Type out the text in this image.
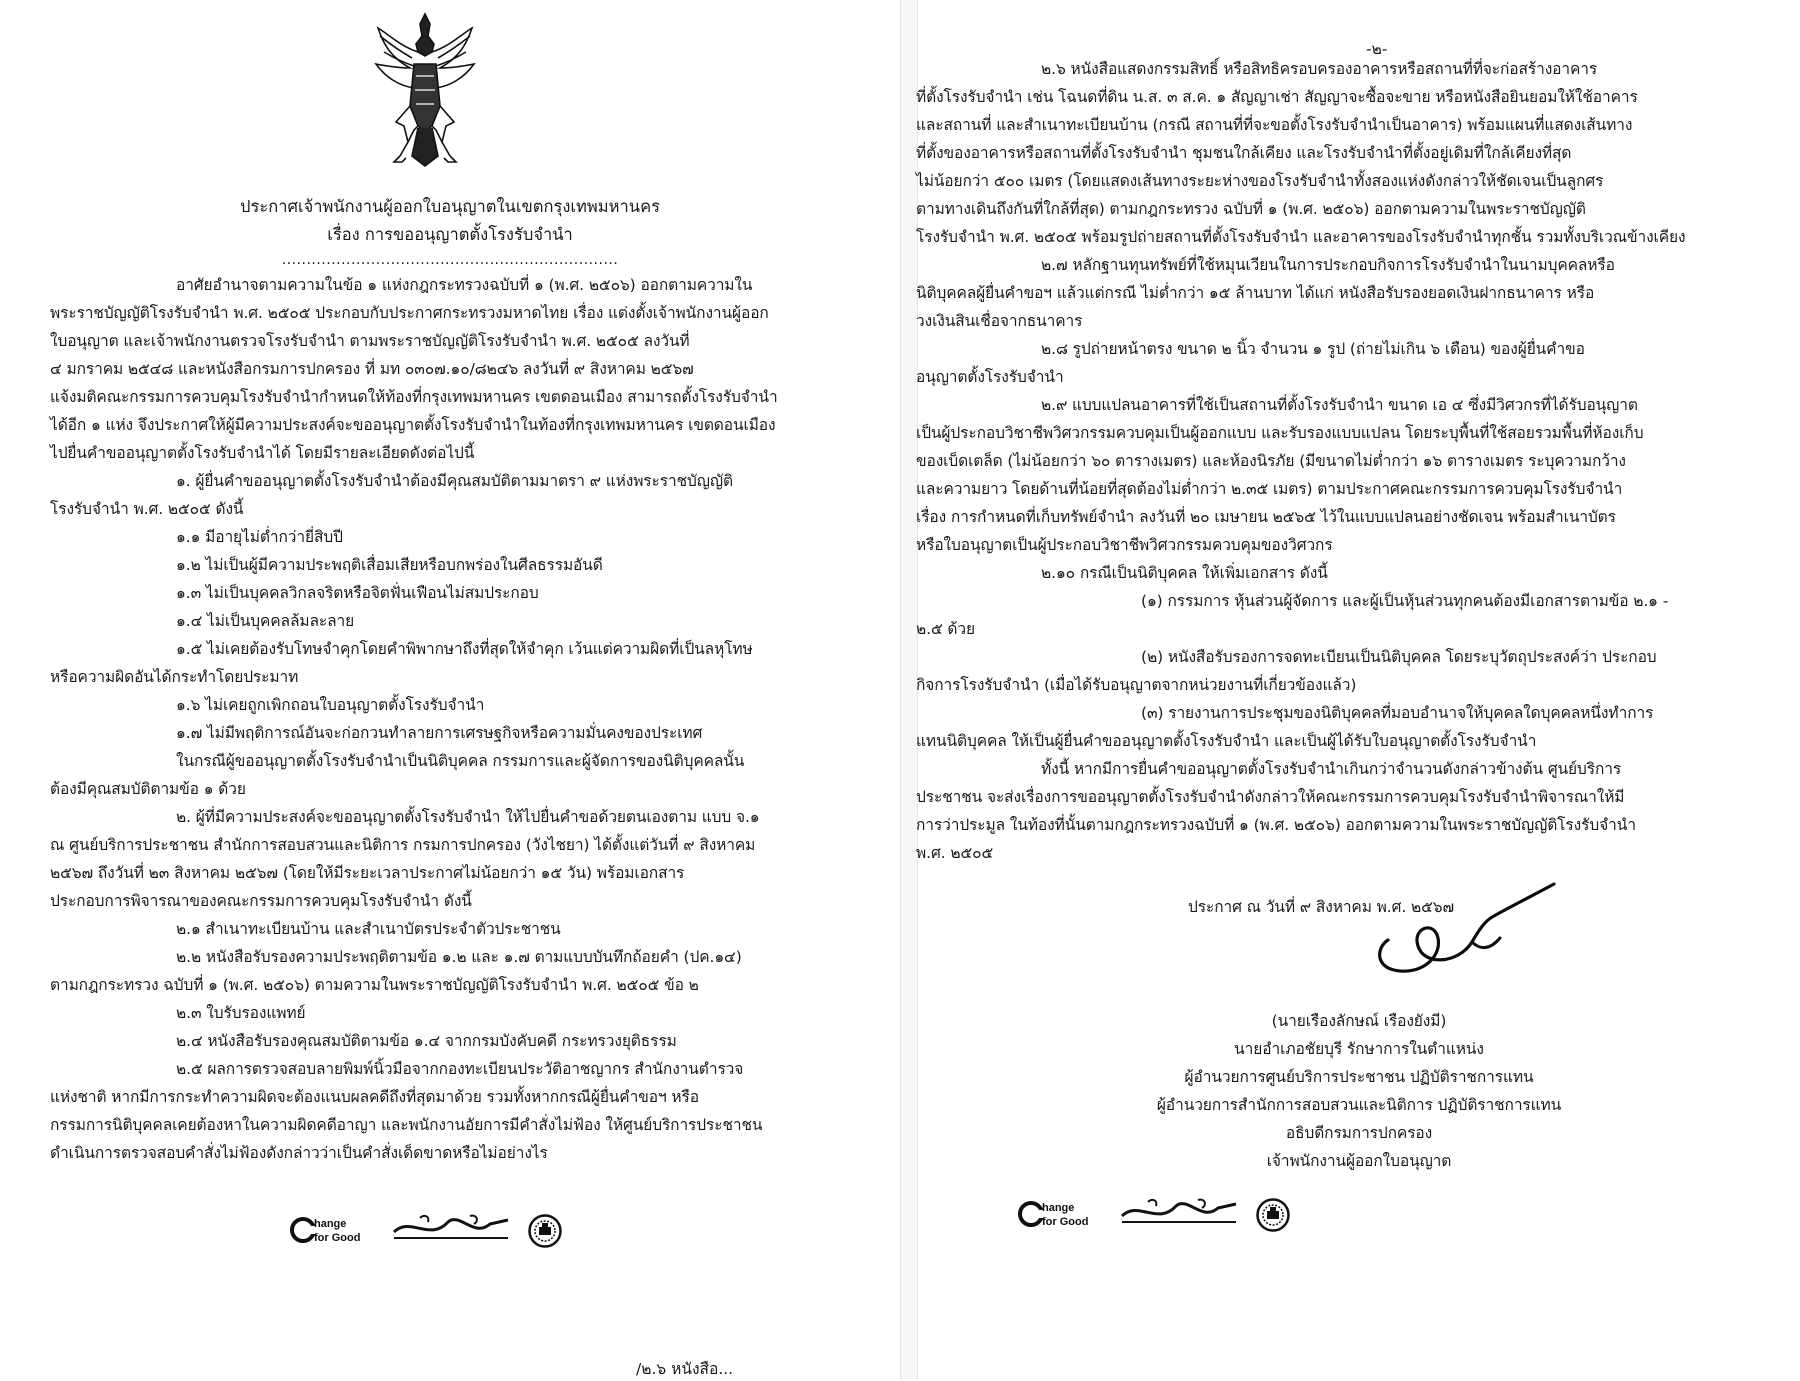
ประกาศเจ้าพนักงานผู้ออกใบอนุญาตในเขตกรุงเทพมหานคร
เรื่อง การขออนุญาตตั้งโรงรับจำนำ
....................................................................
อาศัยอำนาจตามความในข้อ ๑ แห่งกฎกระทรวงฉบับที่ ๑ (พ.ศ. ๒๕๐๖) ออกตามความใน
พระราชบัญญัติโรงรับจำนำ พ.ศ. ๒๕๐๕ ประกอบกับประกาศกระทรวงมหาดไทย เรื่อง แต่งตั้งเจ้าพนักงานผู้ออก
ใบอนุญาต และเจ้าพนักงานตรวจโรงรับจำนำ ตามพระราชบัญญัติโรงรับจำนำ พ.ศ. ๒๕๐๕ ลงวันที่
๔ มกราคม ๒๕๔๘ และหนังสือกรมการปกครอง ที่ มท ๐๓๐๗.๑๐/๘๒๔๖ ลงวันที่ ๙ สิงหาคม ๒๕๖๗
แจ้งมติคณะกรรมการควบคุมโรงรับจำนำกำหนดให้ท้องที่กรุงเทพมหานคร เขตดอนเมือง สามารถตั้งโรงรับจำนำ
ได้อีก ๑ แห่ง จึงประกาศให้ผู้มีความประสงค์จะขออนุญาตตั้งโรงรับจำนำในท้องที่กรุงเทพมหานคร เขตดอนเมือง
ไปยื่นคำขออนุญาตตั้งโรงรับจำนำได้ โดยมีรายละเอียดดังต่อไปนี้
๑. ผู้ยื่นคำขออนุญาตตั้งโรงรับจำนำต้องมีคุณสมบัติตามมาตรา ๙ แห่งพระราชบัญญัติ
โรงรับจำนำ พ.ศ. ๒๕๐๕ ดังนี้
๑.๑ มีอายุไม่ต่ำกว่ายี่สิบปี
๑.๒ ไม่เป็นผู้มีความประพฤติเสื่อมเสียหรือบกพร่องในศีลธรรมอันดี
๑.๓ ไม่เป็นบุคคลวิกลจริตหรือจิตฟั่นเฟือนไม่สมประกอบ
๑.๔ ไม่เป็นบุคคลล้มละลาย
๑.๕ ไม่เคยต้องรับโทษจำคุกโดยคำพิพากษาถึงที่สุดให้จำคุก เว้นแต่ความผิดที่เป็นลหุโทษ
หรือความผิดอันได้กระทำโดยประมาท
๑.๖ ไม่เคยถูกเพิกถอนใบอนุญาตตั้งโรงรับจำนำ
๑.๗ ไม่มีพฤติการณ์อันจะก่อกวนทำลายการเศรษฐกิจหรือความมั่นคงของประเทศ
ในกรณีผู้ขออนุญาตตั้งโรงรับจำนำเป็นนิติบุคคล กรรมการและผู้จัดการของนิติบุคคลนั้น
ต้องมีคุณสมบัติตามข้อ ๑ ด้วย
๒. ผู้ที่มีความประสงค์จะขออนุญาตตั้งโรงรับจำนำ ให้ไปยื่นคำขอด้วยตนเองตาม แบบ จ.๑
ณ ศูนย์บริการประชาชน สำนักการสอบสวนและนิติการ กรมการปกครอง (วังไชยา) ได้ตั้งแต่วันที่ ๙ สิงหาคม
๒๕๖๗ ถึงวันที่ ๒๓ สิงหาคม ๒๕๖๗ (โดยให้มีระยะเวลาประกาศไม่น้อยกว่า ๑๕ วัน) พร้อมเอกสาร
ประกอบการพิจารณาของคณะกรรมการควบคุมโรงรับจำนำ ดังนี้
๒.๑ สำเนาทะเบียนบ้าน และสำเนาบัตรประจำตัวประชาชน
๒.๒ หนังสือรับรองความประพฤติตามข้อ ๑.๒ และ ๑.๗ ตามแบบบันทึกถ้อยคำ (ปค.๑๔)
ตามกฎกระทรวง ฉบับที่ ๑ (พ.ศ. ๒๕๐๖) ตามความในพระราชบัญญัติโรงรับจำนำ พ.ศ. ๒๕๐๕ ข้อ ๒
๒.๓ ใบรับรองแพทย์
๒.๔ หนังสือรับรองคุณสมบัติตามข้อ ๑.๔ จากกรมบังคับคดี กระทรวงยุติธรรม
๒.๕ ผลการตรวจสอบลายพิมพ์นิ้วมือจากกองทะเบียนประวัติอาชญากร สำนักงานตำรวจ
แห่งชาติ หากมีการกระทำความผิดจะต้องแนบผลคดีถึงที่สุดมาด้วย รวมทั้งหากกรณีผู้ยื่นคำขอฯ หรือ
กรรมการนิติบุคคลเคยต้องหาในความผิดคดีอาญา และพนักงานอัยการมีคำสั่งไม่ฟ้อง ให้ศูนย์บริการประชาชน
ดำเนินการตรวจสอบคำสั่งไม่ฟ้องดังกล่าวว่าเป็นคำสั่งเด็ดขาดหรือไม่อย่างไร
hange
for Good
/๒.๖ หนังสือ...
-๒-
๒.๖ หนังสือแสดงกรรมสิทธิ์ หรือสิทธิครอบครองอาคารหรือสถานที่ที่จะก่อสร้างอาคาร
ที่ตั้งโรงรับจำนำ เช่น โฉนดที่ดิน น.ส. ๓ ส.ค. ๑ สัญญาเช่า สัญญาจะซื้อจะขาย หรือหนังสือยินยอมให้ใช้อาคาร
และสถานที่ และสำเนาทะเบียนบ้าน (กรณี สถานที่ที่จะขอตั้งโรงรับจำนำเป็นอาคาร) พร้อมแผนที่แสดงเส้นทาง
ที่ตั้งของอาคารหรือสถานที่ตั้งโรงรับจำนำ ชุมชนใกล้เคียง และโรงรับจำนำที่ตั้งอยู่เดิมที่ใกล้เคียงที่สุด
ไม่น้อยกว่า ๕๐๐ เมตร (โดยแสดงเส้นทางระยะห่างของโรงรับจำนำทั้งสองแห่งดังกล่าวให้ชัดเจนเป็นลูกศร
ตามทางเดินถึงกันที่ใกล้ที่สุด) ตามกฎกระทรวง ฉบับที่ ๑ (พ.ศ. ๒๕๐๖) ออกตามความในพระราชบัญญัติ
โรงรับจำนำ พ.ศ. ๒๕๐๕ พร้อมรูปถ่ายสถานที่ตั้งโรงรับจำนำ และอาคารของโรงรับจำนำทุกชั้น รวมทั้งบริเวณข้างเคียง
๒.๗ หลักฐานทุนทรัพย์ที่ใช้หมุนเวียนในการประกอบกิจการโรงรับจำนำในนามบุคคลหรือ
นิติบุคคลผู้ยื่นคำขอฯ แล้วแต่กรณี ไม่ต่ำกว่า ๑๕ ล้านบาท ได้แก่ หนังสือรับรองยอดเงินฝากธนาคาร หรือ
วงเงินสินเชื่อจากธนาคาร
๒.๘ รูปถ่ายหน้าตรง ขนาด ๒ นิ้ว จำนวน ๑ รูป (ถ่ายไม่เกิน ๖ เดือน) ของผู้ยื่นคำขอ
อนุญาตตั้งโรงรับจำนำ
๒.๙ แบบแปลนอาคารที่ใช้เป็นสถานที่ตั้งโรงรับจำนำ ขนาด เอ ๔ ซึ่งมีวิศวกรที่ได้รับอนุญาต
เป็นผู้ประกอบวิชาชีพวิศวกรรมควบคุมเป็นผู้ออกแบบ และรับรองแบบแปลน โดยระบุพื้นที่ใช้สอยรวมพื้นที่ห้องเก็บ
ของเบ็ดเตล็ด (ไม่น้อยกว่า ๖๐ ตารางเมตร) และห้องนิรภัย (มีขนาดไม่ต่ำกว่า ๑๖ ตารางเมตร ระบุความกว้าง
และความยาว โดยด้านที่น้อยที่สุดต้องไม่ต่ำกว่า ๒.๓๕ เมตร) ตามประกาศคณะกรรมการควบคุมโรงรับจำนำ
เรื่อง การกำหนดที่เก็บทรัพย์จำนำ ลงวันที่ ๒๐ เมษายน ๒๕๖๕ ไว้ในแบบแปลนอย่างชัดเจน พร้อมสำเนาบัตร
หรือใบอนุญาตเป็นผู้ประกอบวิชาชีพวิศวกรรมควบคุมของวิศวกร
๒.๑๐ กรณีเป็นนิติบุคคล ให้เพิ่มเอกสาร ดังนี้
(๑) กรรมการ หุ้นส่วนผู้จัดการ และผู้เป็นหุ้นส่วนทุกคนต้องมีเอกสารตามข้อ ๒.๑ -
๒.๕ ด้วย
(๒) หนังสือรับรองการจดทะเบียนเป็นนิติบุคคล โดยระบุวัตถุประสงค์ว่า ประกอบ
กิจการโรงรับจำนำ (เมื่อได้รับอนุญาตจากหน่วยงานที่เกี่ยวข้องแล้ว)
(๓) รายงานการประชุมของนิติบุคคลที่มอบอำนาจให้บุคคลใดบุคคลหนึ่งทำการ
แทนนิติบุคคล ให้เป็นผู้ยื่นคำขออนุญาตตั้งโรงรับจำนำ และเป็นผู้ได้รับใบอนุญาตตั้งโรงรับจำนำ
ทั้งนี้ หากมีการยื่นคำขออนุญาตตั้งโรงรับจำนำเกินกว่าจำนวนดังกล่าวข้างต้น ศูนย์บริการ
ประชาชน จะส่งเรื่องการขออนุญาตตั้งโรงรับจำนำดังกล่าวให้คณะกรรมการควบคุมโรงรับจำนำพิจารณาให้มี
การว่าประมูล ในท้องที่นั้นตามกฎกระทรวงฉบับที่ ๑ (พ.ศ. ๒๕๐๖) ออกตามความในพระราชบัญญัติโรงรับจำนำ
พ.ศ. ๒๕๐๕
ประกาศ ณ วันที่ ๙ สิงหาคม พ.ศ. ๒๕๖๗
(นายเรืองลักษณ์ เรืองยังมี)
นายอำเภอชัยบุรี รักษาการในตำแหน่ง
ผู้อำนวยการศูนย์บริการประชาชน ปฏิบัติราชการแทน
ผู้อำนวยการสำนักการสอบสวนและนิติการ ปฏิบัติราชการแทน
อธิบดีกรมการปกครอง
เจ้าพนักงานผู้ออกใบอนุญาต
hange
for Good
